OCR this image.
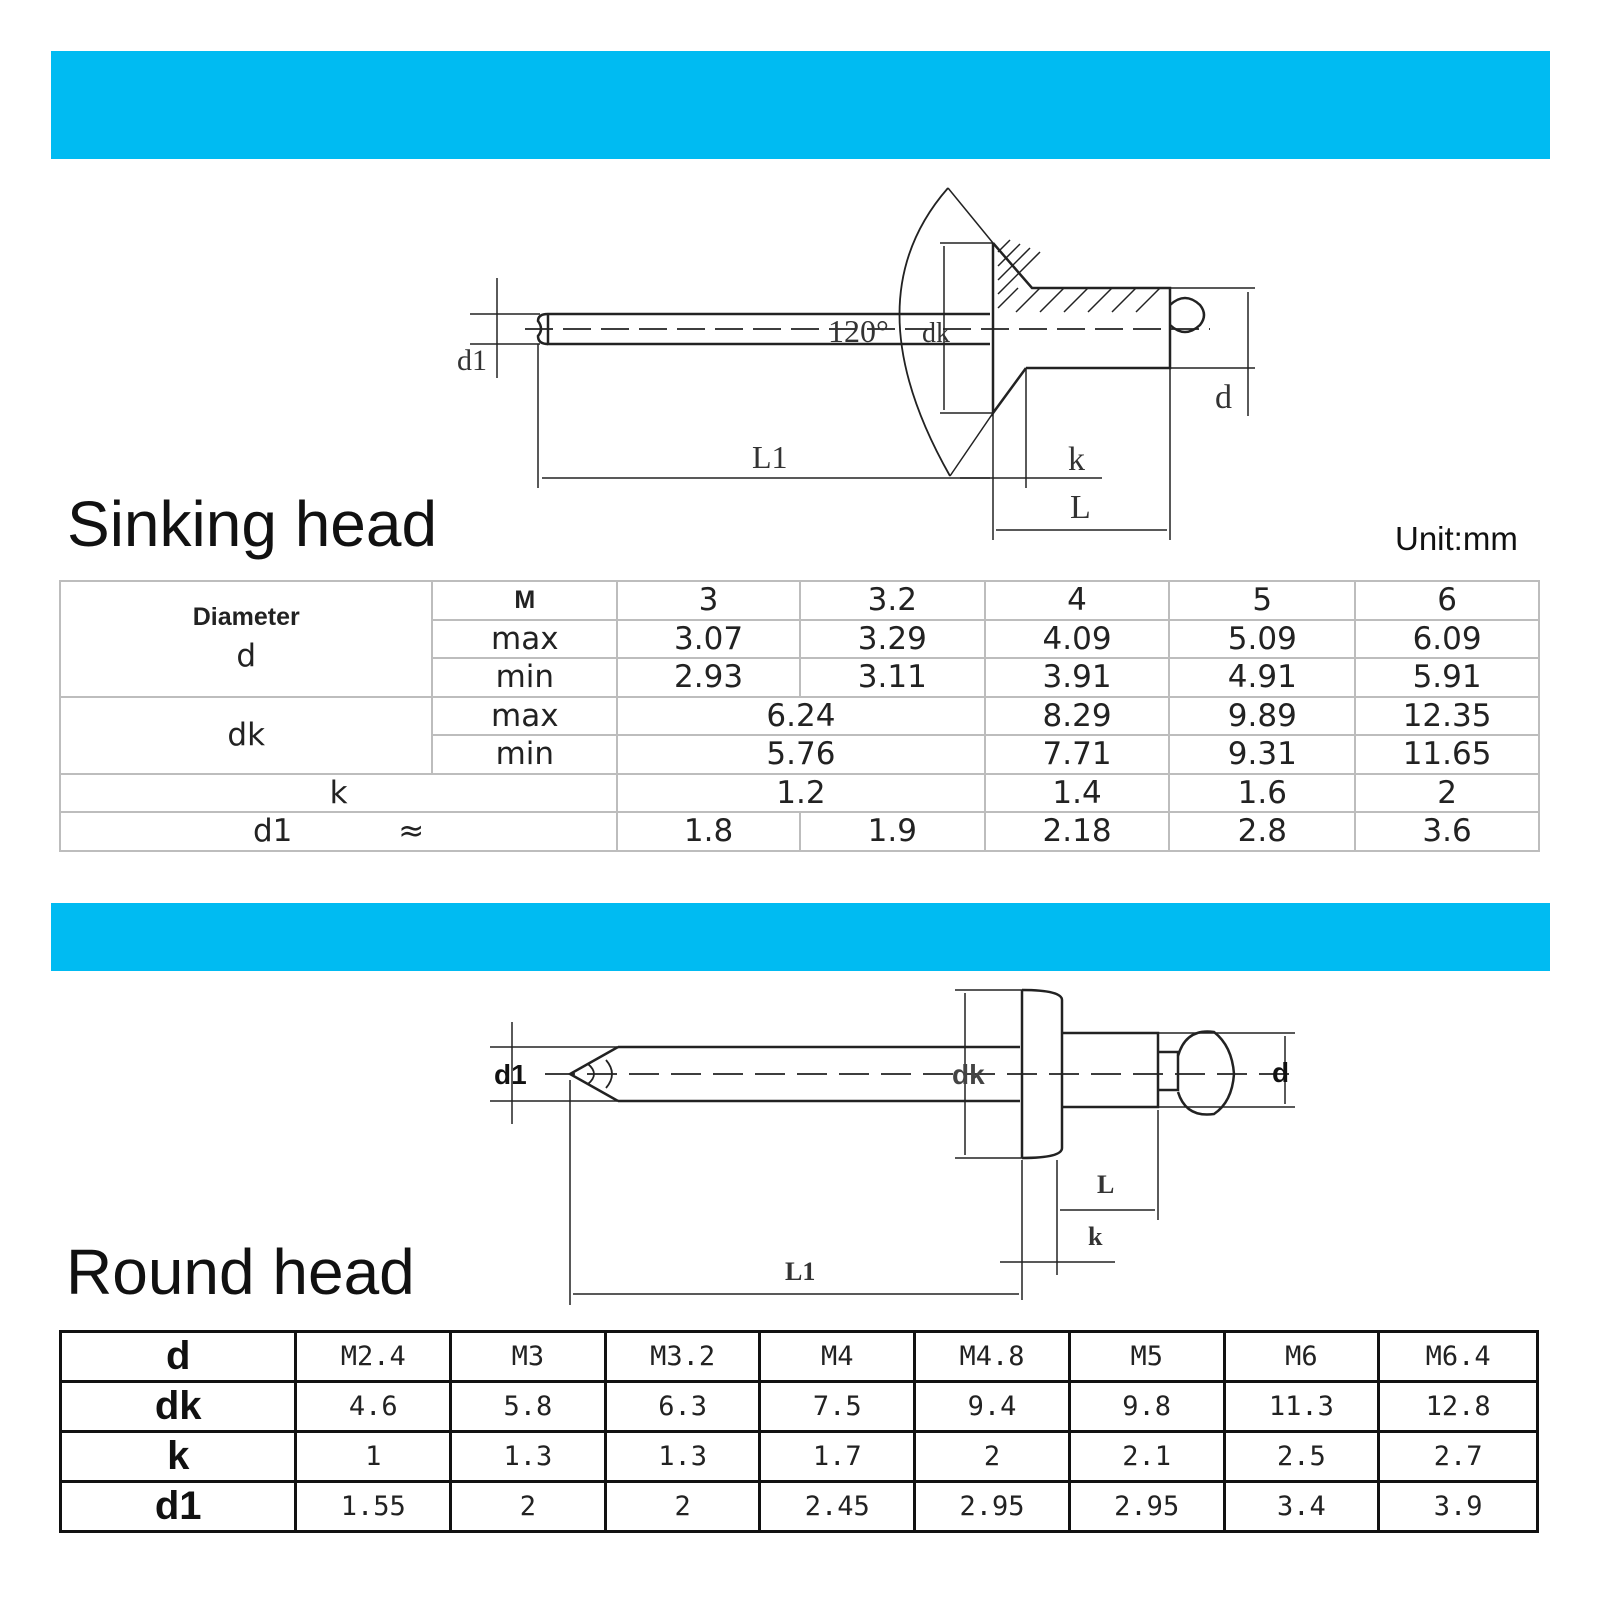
120° dk
d1
d
L1	k
L
Sinking head	Unit:mm
Diameter
d	M	3	3.2	4	5	6
	max	3.07	3.29	4.09	5.09	6.09
	min	2.93	3.11	3.91	4.91	5.91
dk	max	6.24		8.29	9.89	12.35
	min	5.76		7.71	9.31	11.65
k		1.2		1.4	1.6	2
d1 ≈		1.8	1.9	2.18	2.8	3.6
d1	dk	d
L
k
L1
Round head
d	M2.4	M3	M3.2	M4	M4.8	M5	M6	M6.4
dk	4.6	5.8	6.3	7.5	9.4	9.8	11.3	12.8
k	1	1.3	1.3	1.7	2	2.1	2.5	2.7
d1	1.55	2	2	2.45	2.95	2.95	3.4	3.9
